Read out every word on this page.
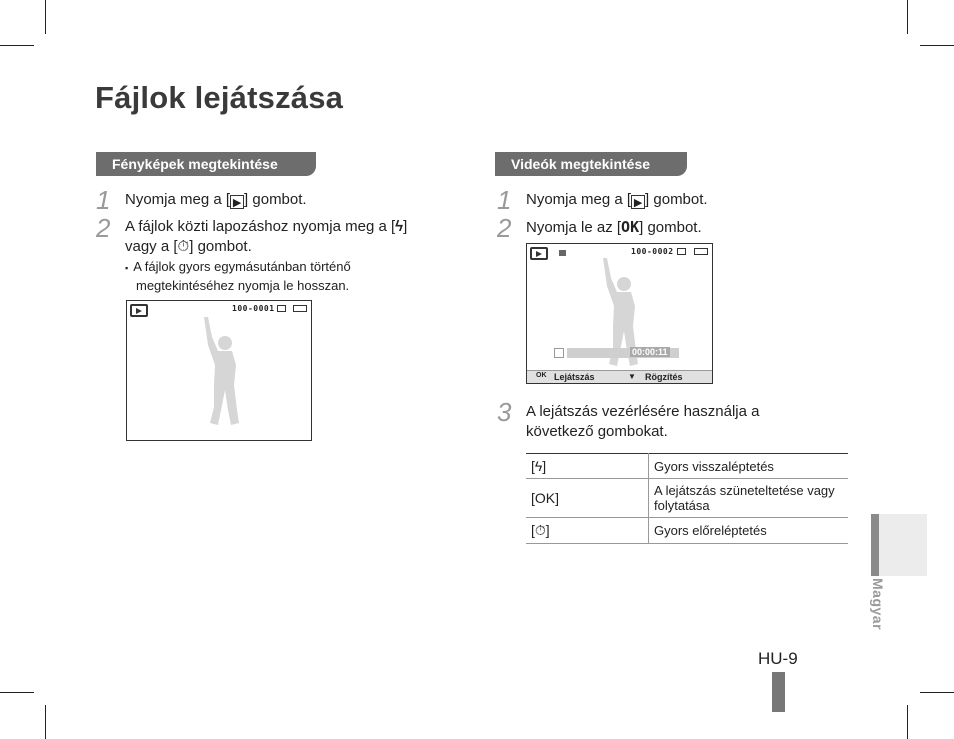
Fájlok lejátszása
Fényképek megtekintése
1 Nyomja meg a [ ▶ ] gombot.
2 A fájlok közti lapozáshoz nyomja meg a [ϟ]
vagy a [⏱] gombot.
▪ A fájlok gyors egymásutánban történő
megtekintéséhez nyomja le hosszan.
100-0001
Videók megtekintése
1 Nyomja meg a [ ▶ ] gombot.
2 Nyomja le az [OK] gombot.
100-0002
00:00:11
OK Lejátszás	▼ Rögzítés
3 A lejátszás vezérlésére használja a
következő gombokat.
[ϟ]	Gyors visszaléptetés
[OK]	A lejátszás szüneteltetése vagy folytatása
[⏱]	Gyors előreléptetés
Magyar
HU-9
